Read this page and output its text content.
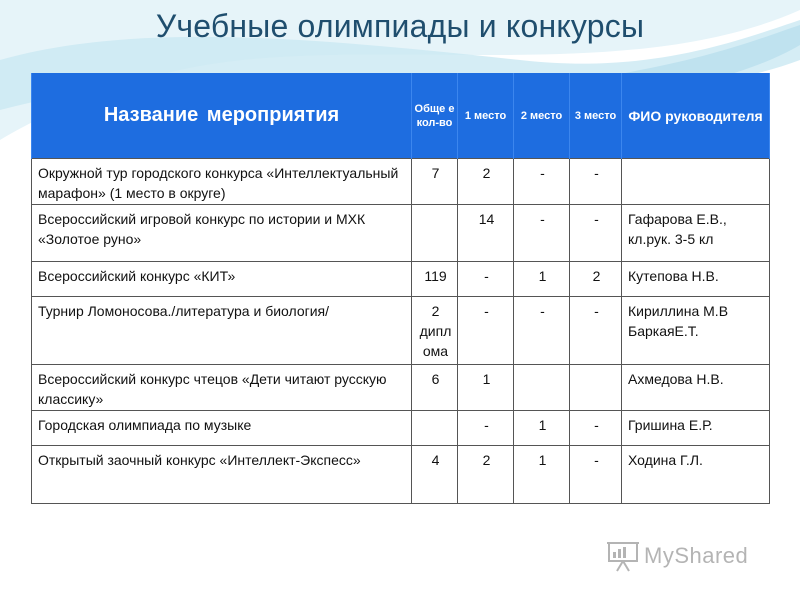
Учебные олимпиады и конкурсы
Название мероприятия	Обще е кол-во	1 место	2 место	3 место	ФИО руководителя
Окружной тур городского конкурса «Интеллектуальный марафон» (1 место в округе)	7	2	-	-	
Всероссийский игровой конкурс по истории и МХК «Золотое руно»		14	-	-	Гафарова Е.В., кл.рук. 3-5 кл
Всероссийский конкурс «КИТ»	119	-	1	2	Кутепова Н.В.
Турнир Ломоносова./литература и биология/	2 дипл ома	-	-	-	Кириллина М.В БаркаяЕ.Т.
Всероссийский конкурс чтецов «Дети читают русскую классику»	6	1			Ахмедова Н.В.
Городская олимпиада по музыке		-	1	-	Гришина Е.Р.
Открытый заочный конкурс «Интеллект-Экспесс»	4	2	1	-	Ходина Г.Л.
MyShared
